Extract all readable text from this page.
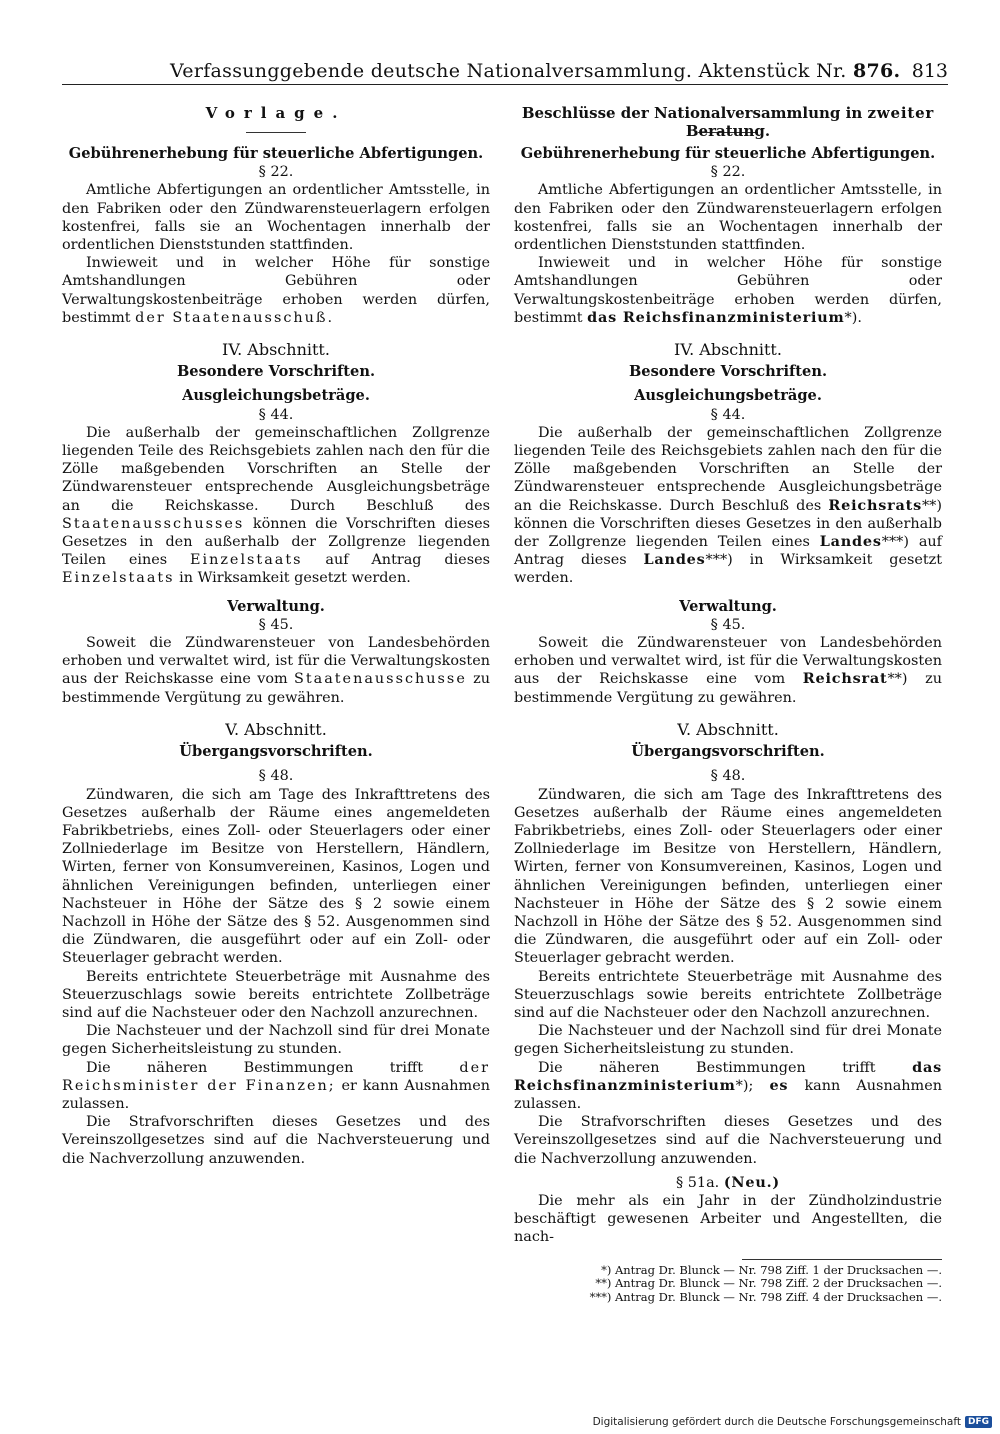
Verfassunggebende deutsche Nationalversammlung. Aktenstück Nr. 876. 813
Vorlage.
Gebührenerhebung für steuerliche Abfertigungen.
§ 22.

Amtliche Abfertigungen an ordentlicher Amtsstelle, in den Fabriken oder den Zündwarensteuerlagern erfolgen kostenfrei, falls sie an Wochentagen innerhalb der ordentlichen Dienststunden stattfinden.

Inwieweit und in welcher Höhe für sonstige Amtshandlungen Gebühren oder Verwaltungskostenbeiträge erhoben werden dürfen, bestimmt der Staatenausschuß.

IV. Abschnitt.
Besondere Vorschriften.
Ausgleichungsbeträge.
§ 44.

Die außerhalb der gemeinschaftlichen Zollgrenze liegenden Teile des Reichsgebiets zahlen nach den für die Zölle maßgebenden Vorschriften an Stelle der Zündwarensteuer entsprechende Ausgleichungsbeträge an die Reichskasse. Durch Beschluß des Staatenausschusses können die Vorschriften dieses Gesetzes in den außerhalb der Zollgrenze liegenden Teilen eines Einzelstaats auf Antrag dieses Einzelstaats in Wirksamkeit gesetzt werden.

Verwaltung.
§ 45.

Soweit die Zündwarensteuer von Landesbehörden erhoben und verwaltet wird, ist für die Verwaltungskosten aus der Reichskasse eine vom Staatenausschusse zu bestimmende Vergütung zu gewähren.

V. Abschnitt.
Übergangsvorschriften.
§ 48.

Zündwaren, die sich am Tage des Inkrafttretens des Gesetzes außerhalb der Räume eines angemeldeten Fabrikbetriebs, eines Zoll- oder Steuerlagers oder einer Zollniederlage im Besitze von Herstellern, Händlern, Wirten, ferner von Konsumvereinen, Kasinos, Logen und ähnlichen Vereinigungen befinden, unterliegen einer Nachsteuer in Höhe der Sätze des § 2 sowie einem Nachzoll in Höhe der Sätze des § 52. Ausgenommen sind die Zündwaren, die ausgeführt oder auf ein Zoll- oder Steuerlager gebracht werden.

Bereits entrichtete Steuerbeträge mit Ausnahme des Steuerzuschlags sowie bereits entrichtete Zollbeträge sind auf die Nachsteuer oder den Nachzoll anzurechnen.

Die Nachsteuer und der Nachzoll sind für drei Monate gegen Sicherheitsleistung zu stunden.

Die näheren Bestimmungen trifft	der Reichsminister der Finanzen; er kann Ausnahmen zulassen.

Die Strafvorschriften dieses Gesetzes und des Vereinszollgesetzes sind auf die Nachversteuerung und die Nachverzollung anzuwenden.

Beschlüsse der Nationalversammlung in zweiter Beratung.
Gebührenerhebung für steuerliche Abfertigungen.
§ 22.

Amtliche Abfertigungen an ordentlicher Amtsstelle, in den Fabriken oder den Zündwarensteuerlagern erfolgen kostenfrei, falls sie an Wochentagen innerhalb der ordentlichen Dienststunden stattfinden.

Inwieweit und in welcher Höhe für sonstige Amtshandlungen Gebühren oder Verwaltungskostenbeiträge erhoben werden dürfen, bestimmt das Reichsfinanzministerium*).

IV. Abschnitt.
Besondere Vorschriften.
Ausgleichungsbeträge.
§ 44.

Die außerhalb der gemeinschaftlichen Zollgrenze liegenden Teile des Reichsgebiets zahlen nach den für die Zölle maßgebenden Vorschriften an Stelle der Zündwarensteuer entsprechende Ausgleichungsbeträge an die Reichskasse. Durch Beschluß des Reichsrats**) können die Vorschriften dieses Gesetzes in den außerhalb der Zollgrenze liegenden Teilen eines Landes***) auf Antrag dieses Landes***) in Wirksamkeit gesetzt werden.

Verwaltung.
§ 45.

Soweit die Zündwarensteuer von Landesbehörden erhoben und verwaltet wird, ist für die Verwaltungskosten aus der Reichskasse eine vom Reichsrat**) zu bestimmende Vergütung zu gewähren.

V. Abschnitt.
Übergangsvorschriften.
§ 48.

Zündwaren, die sich am Tage des Inkrafttretens des Gesetzes außerhalb der Räume eines angemeldeten Fabrikbetriebs, eines Zoll- oder Steuerlagers oder einer Zollniederlage im Besitze von Herstellern, Händlern, Wirten, ferner von Konsumvereinen, Kasinos, Logen und ähnlichen Vereinigungen befinden, unterliegen einer Nachsteuer in Höhe der Sätze des § 2 sowie einem Nachzoll in Höhe der Sätze des § 52. Ausgenommen sind die Zündwaren, die ausgeführt oder auf ein Zoll- oder Steuerlager gebracht werden.

Bereits entrichtete Steuerbeträge mit Ausnahme des Steuerzuschlags sowie bereits entrichtete Zollbeträge sind auf die Nachsteuer oder den Nachzoll anzurechnen.

Die Nachsteuer und der Nachzoll sind für drei Monate gegen Sicherheitsleistung zu stunden.

Die näheren Bestimmungen trifft	das Reichsfinanzministerium*); es kann Ausnahmen zulassen.

Die Strafvorschriften dieses Gesetzes und des Vereinszollgesetzes sind auf die Nachversteuerung und die Nachverzollung anzuwenden.

§ 51a. (Neu.)

Die mehr als ein Jahr in der Zündholzindustrie beschäftigt gewesenen Arbeiter und Angestellten, die nach-

*) Antrag Dr. Blunck — Nr. 798 Ziff. 1 der Drucksachen —.
**) Antrag Dr. Blunck — Nr. 798 Ziff. 2 der Drucksachen —.
***) Antrag Dr. Blunck — Nr. 798 Ziff. 4 der Drucksachen —.
Digitalisierung gefördert durch die Deutsche Forschungsgemeinschaft DFG
